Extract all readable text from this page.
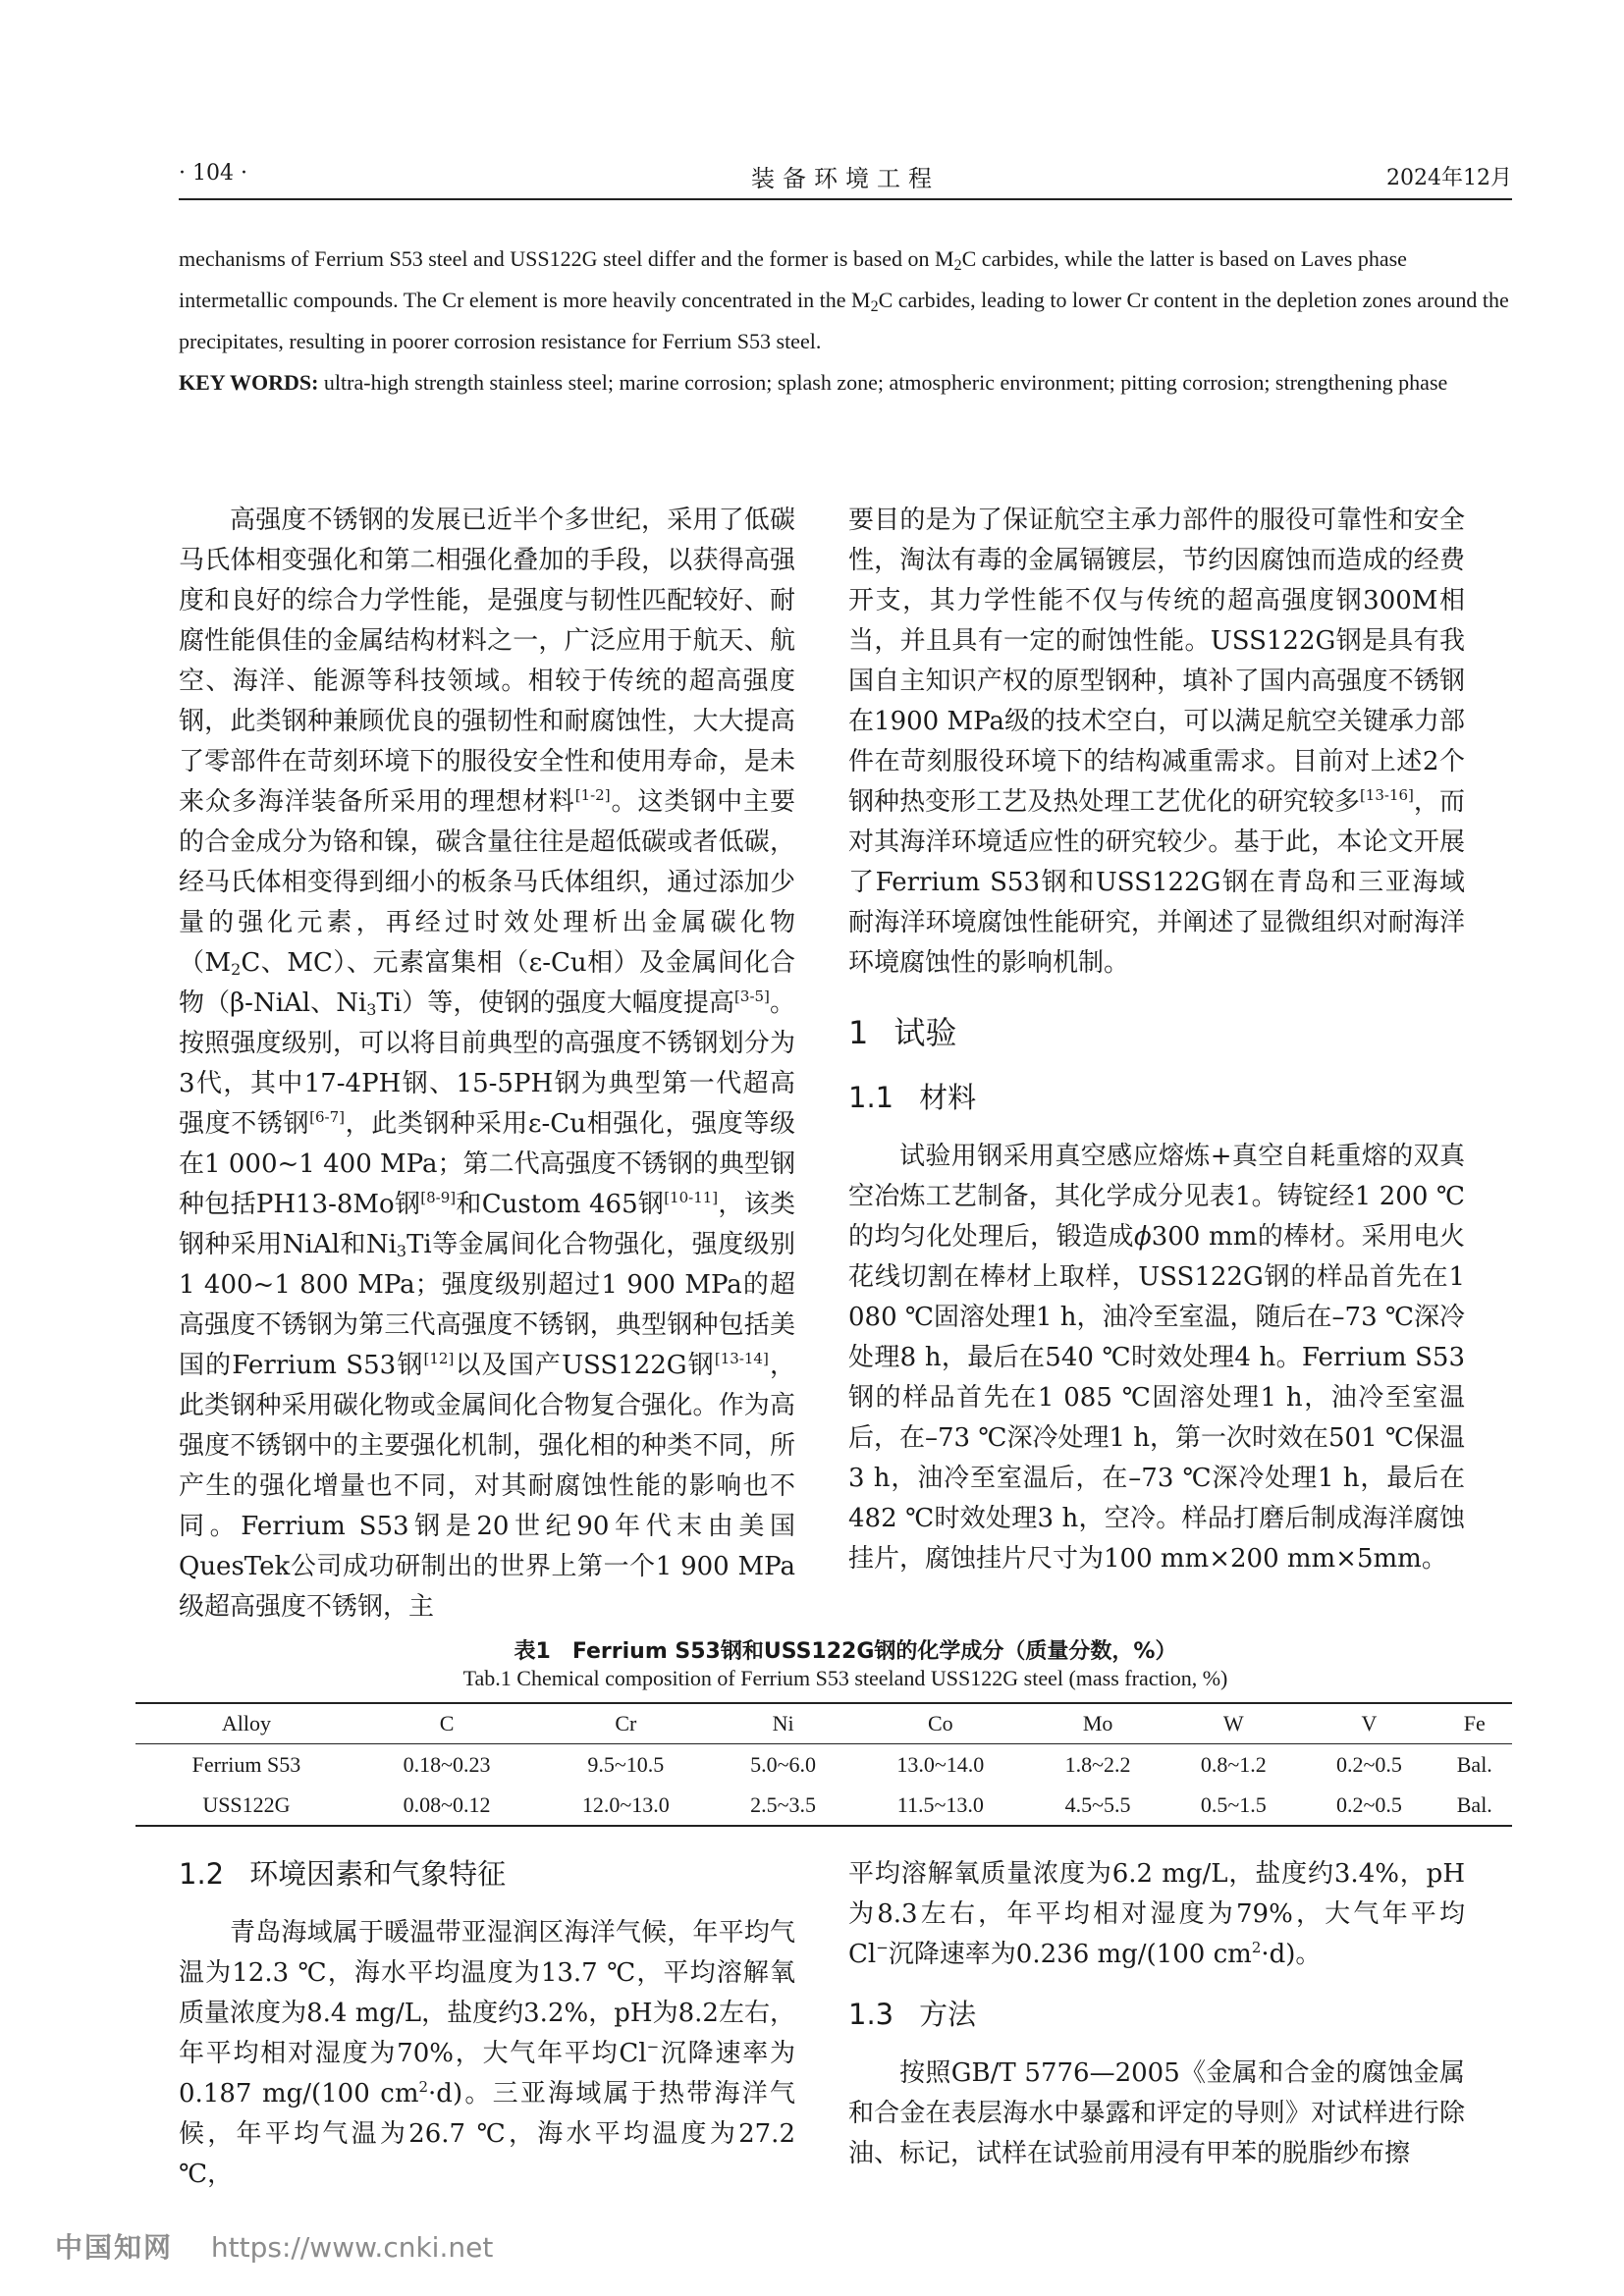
· 104 ·	装备环境工程	2024年12月

mechanisms of Ferrium S53 steel and USS122G steel differ and the former is based on $M_2C$ carbides, while the latter is based on Laves phase intermetallic compounds. The Cr element is more heavily concentrated in the $M_2C$ carbides, leading to lower Cr content in the depletion zones around the precipitates, resulting in poorer corrosion resistance for Ferrium S53 steel.

KEY WORDS: ultra-high strength stainless steel; marine corrosion; splash zone; atmospheric environment; pitting corrosion; strengthening phase

高强度不锈钢的发展已近半个多世纪，采用了低碳马氏体相变强化和第二相强化叠加的手段，以获得高强度和良好的综合力学性能，是强度与韧性匹配较好、耐腐性能俱佳的金属结构材料之一，广泛应用于航天、航空、海洋、能源等科技领域。相较于传统的超高强度钢，此类钢种兼顾优良的强韧性和耐腐蚀性，大大提高了零部件在苛刻环境下的服役安全性和使用寿命，是未来众多海洋装备所采用的理想材料[1-2]。这类钢中主要的合金成分为铬和镍，碳含量往往是超低碳或者低碳，经马氏体相变得到细小的板条马氏体组织，通过添加少量的强化元素，再经过时效处理析出金属碳化物（$M_2C$、MC）、元素富集相（ε-Cu相）及金属间化合物（β-NiAl、$Ni_3Ti$）等，使钢的强度大幅度提高[3-5]。按照强度级别，可以将目前典型的高强度不锈钢划分为3代，其中17-4PH钢、15-5PH钢为典型第一代超高强度不锈钢[6-7]，此类钢种采用ε-Cu相强化，强度等级在1 000~1 400 MPa；第二代高强度不锈钢的典型钢种包括PH13-8Mo钢[8-9]和Custom 465钢[10-11]，该类钢种采用NiAl和$Ni_3Ti$等金属间化合物强化，强度级别1 400~1 800 MPa；强度级别超过1 900 MPa的超高强度不锈钢为第三代高强度不锈钢，典型钢种包括美国的Ferrium S53钢[12]以及国产USS122G钢[13-14]，此类钢种采用碳化物或金属间化合物复合强化。作为高强度不锈钢中的主要强化机制，强化相的种类不同，所产生的强化增量也不同，对其耐腐蚀性能的影响也不同。Ferrium S53钢是20世纪90年代末由美国QuesTek公司成功研制出的世界上第一个1 900 MPa级超高强度不锈钢，主

要目的是为了保证航空主承力部件的服役可靠性和安全性，淘汰有毒的金属镉镀层，节约因腐蚀而造成的经费开支，其力学性能不仅与传统的超高强度钢300M相当，并且具有一定的耐蚀性能。USS122G钢是具有我国自主知识产权的原型钢种，填补了国内高强度不锈钢在1900 MPa级的技术空白，可以满足航空关键承力部件在苛刻服役环境下的结构减重需求。目前对上述2个钢种热变形工艺及热处理工艺优化的研究较多[13-16]，而对其海洋环境适应性的研究较少。基于此，本论文开展了Ferrium S53钢和USS122G钢在青岛和三亚海域耐海洋环境腐蚀性能研究，并阐述了显微组织对耐海洋环境腐蚀性的影响机制。

1 试验
1.1 材料

试验用钢采用真空感应熔炼+真空自耗重熔的双真空冶炼工艺制备，其化学成分见表1。铸锭经1 200 ℃的均匀化处理后，锻造成ϕ300 mm的棒材。采用电火花线切割在棒材上取样，USS122G钢的样品首先在1 080 ℃固溶处理1 h，油冷至室温，随后在–73 ℃深冷处理8 h，最后在540 ℃时效处理4 h。Ferrium S53钢的样品首先在1 085 ℃固溶处理1 h，油冷至室温后，在–73 ℃深冷处理1 h，第一次时效在501 ℃保温3 h，油冷至室温后，在–73 ℃深冷处理1 h，最后在482 ℃时效处理3 h，空冷。样品打磨后制成海洋腐蚀挂片，腐蚀挂片尺寸为100 mm×200 mm×5mm。

表1　Ferrium S53钢和USS122G钢的化学成分（质量分数，%）
Tab.1 Chemical composition of Ferrium S53 steeland USS122G steel (mass fraction, %)
Alloy	C	Cr	Ni	Co	Mo	W	V	Fe
Ferrium S53	0.18~0.23	9.5~10.5	5.0~6.0	13.0~14.0	1.8~2.2	0.8~1.2	0.2~0.5	Bal.
USS122G	0.08~0.12	12.0~13.0	2.5~3.5	11.5~13.0	4.5~5.5	0.5~1.5	0.2~0.5	Bal.
1.2 环境因素和气象特征

青岛海域属于暖温带亚湿润区海洋气候，年平均气温为12.3 ℃，海水平均温度为13.7 ℃，平均溶解氧质量浓度为8.4 mg/L，盐度约3.2%，pH为8.2左右，年平均相对湿度为70%，大气年平均Cl−沉降速率为0.187 mg/(100 $cm^2\cdot d$)。三亚海域属于热带海洋气候，年平均气温为26.7 ℃，海水平均温度为27.2 ℃，

平均溶解氧质量浓度为6.2 mg/L，盐度约3.4%，pH为8.3左右，年平均相对湿度为79%，大气年平均Cl−沉降速率为0.236 mg/(100 $cm^2\cdot d$)。

1.3 方法

按照GB/T 5776—2005《金属和合金的腐蚀金属和合金在表层海水中暴露和评定的导则》对试样进行除油、标记，试样在试验前用浸有甲苯的脱脂纱布擦

中国知网 https://www.cnki.net
